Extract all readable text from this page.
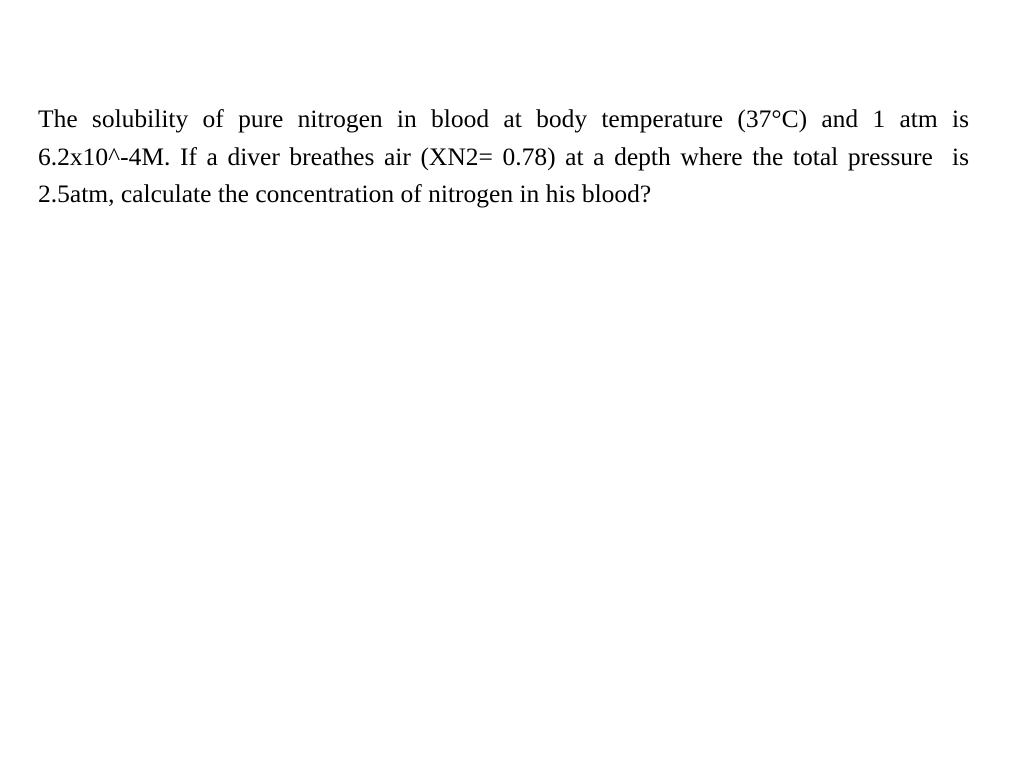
The solubility of pure nitrogen in blood at body temperature (37°C) and 1 atm is 6.2x10^-4M. If a diver breathes air (XN2= 0.78) at a depth where the total pressure  is 2.5atm, calculate the concentration of nitrogen in his blood?
